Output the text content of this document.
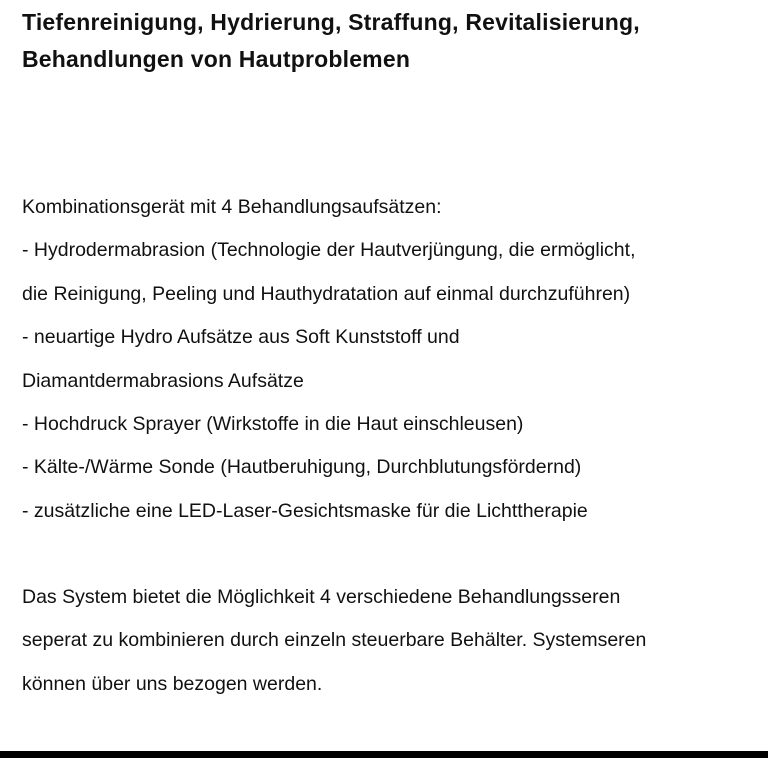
Tiefenreinigung, Hydrierung, Straffung, Revitalisierung,
Behandlungen von Hautproblemen
Kombinationsgerät mit 4 Behandlungsaufsätzen:
- Hydrodermabrasion (Technologie der Hautverjüngung, die ermöglicht,
die Reinigung, Peeling und Hauthydratation auf einmal durchzuführen)
- neuartige Hydro Aufsätze aus Soft Kunststoff und
Diamantdermabrasions Aufsätze
- Hochdruck Sprayer (Wirkstoffe in die Haut einschleusen)
- Kälte-/Wärme Sonde (Hautberuhigung, Durchblutungsfördernd)
- zusätzliche eine LED-Laser-Gesichtsmaske für die Lichttherapie
Das System bietet die Möglichkeit 4 verschiedene Behandlungsseren
seperat zu kombinieren durch einzeln steuerbare Behälter. Systemseren
können über uns bezogen werden.
